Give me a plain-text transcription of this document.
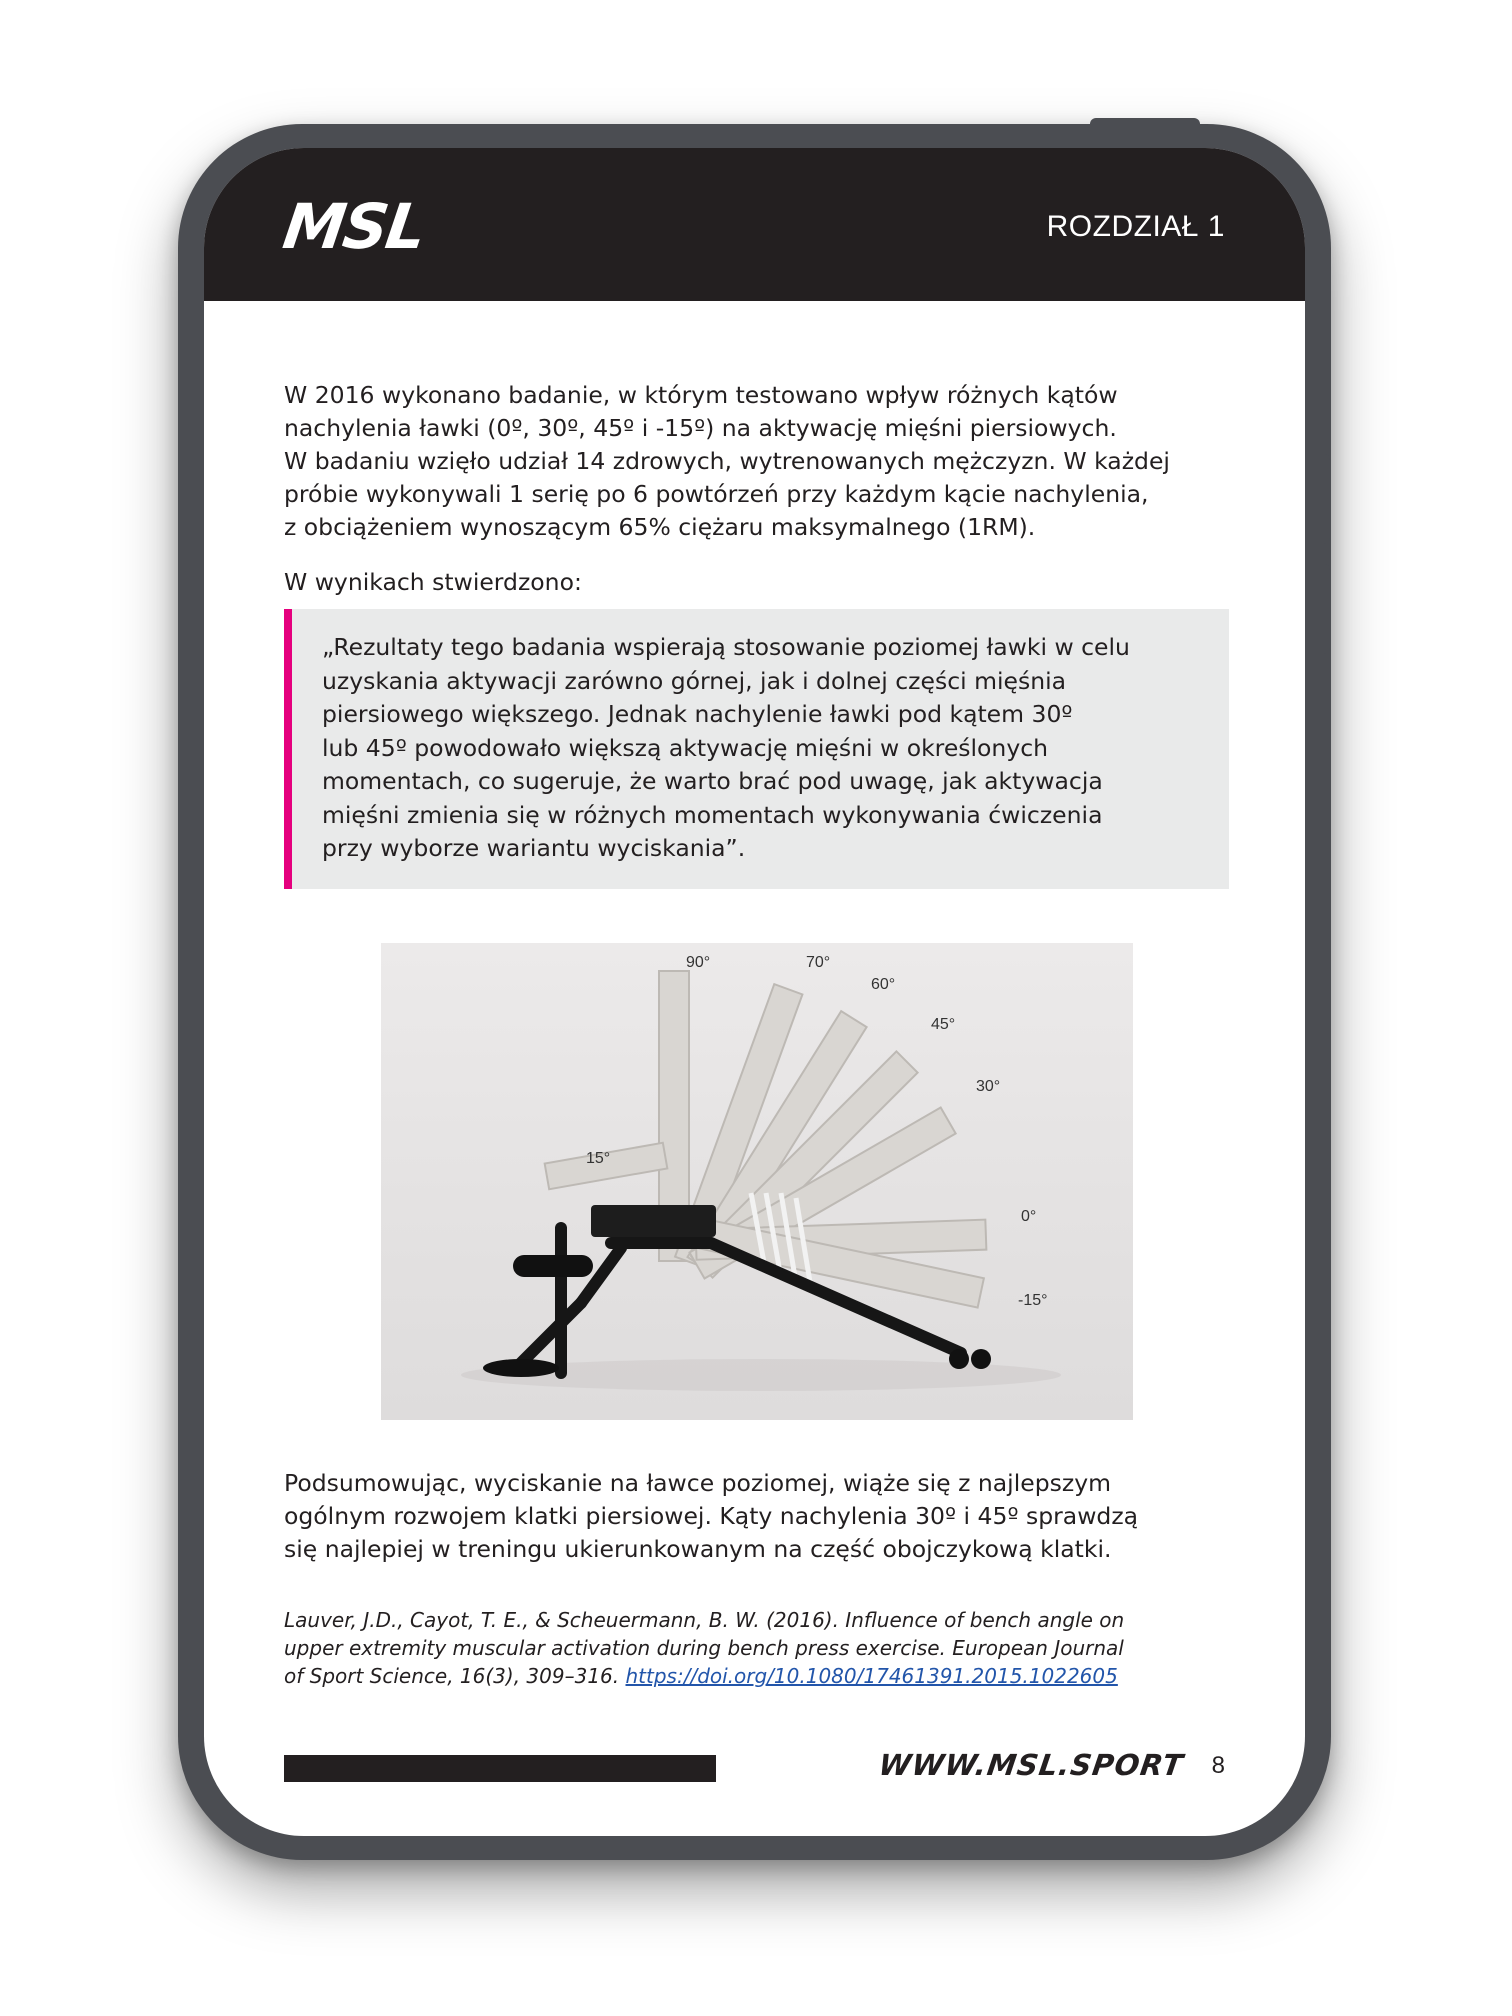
MSL	ROZDZIAŁ 1
W 2016 wykonano badanie, w którym testowano wpływ różnych kątów
nachylenia ławki (0º, 30º, 45º i -15º) na aktywację mięśni piersiowych.
W badaniu wzięło udział 14 zdrowych, wytrenowanych mężczyzn. W każdej
próbie wykonywali 1 serię po 6 powtórzeń przy każdym kącie nachylenia,
z obciążeniem wynoszącym 65% ciężaru maksymalnego (1RM).
W wynikach stwierdzono:
„Rezultaty tego badania wspierają stosowanie poziomej ławki w celu
uzyskania aktywacji zarówno górnej, jak i dolnej części mięśnia
piersiowego większego. Jednak nachylenie ławki pod kątem 30º
lub 45º powodowało większą aktywację mięśni w określonych
momentach, co sugeruje, że warto brać pod uwagę, jak aktywacja
mięśni zmienia się w różnych momentach wykonywania ćwiczenia
przy wyborze wariantu wyciskania”.
90°	70°
60°
45°
30°
15°
0°
-15°
Podsumowując, wyciskanie na ławce poziomej, wiąże się z najlepszym
ogólnym rozwojem klatki piersiowej. Kąty nachylenia 30º i 45º sprawdzą
się najlepiej w treningu ukierunkowanym na część obojczykową klatki.
Lauver, J.D., Cayot, T. E., & Scheuermann, B. W. (2016). Influence of bench angle on
upper extremity muscular activation during bench press exercise. European Journal
of Sport Science, 16(3), 309–316. https://doi.org/10.1080/17461391.2015.1022605
WWW.MSL.SPORT 8
